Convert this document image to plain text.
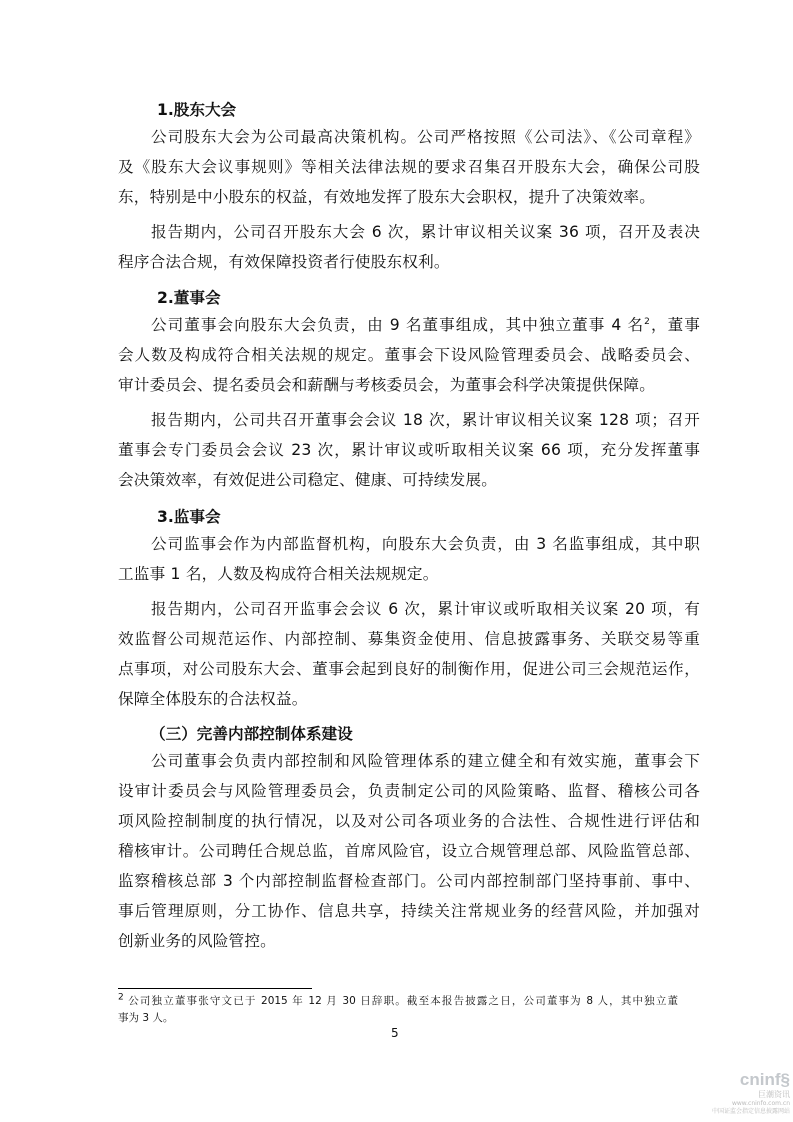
1.股东大会
公司股东大会为公司最高决策机构。公司严格按照《公司法》、《公司章程》
及《股东大会议事规则》等相关法律法规的要求召集召开股东大会，确保公司股
东，特别是中小股东的权益，有效地发挥了股东大会职权，提升了决策效率。
报告期内，公司召开股东大会 6 次，累计审议相关议案 36 项，召开及表决
程序合法合规，有效保障投资者行使股东权利。
2.董事会
公司董事会向股东大会负责，由 9 名董事组成，其中独立董事 4 名$^2$，董事
会人数及构成符合相关法规的规定。董事会下设风险管理委员会、战略委员会、
审计委员会、提名委员会和薪酬与考核委员会，为董事会科学决策提供保障。
报告期内，公司共召开董事会会议 18 次，累计审议相关议案 128 项；召开
董事会专门委员会会议 23 次，累计审议或听取相关议案 66 项，充分发挥董事
会决策效率，有效促进公司稳定、健康、可持续发展。
3.监事会
公司监事会作为内部监督机构，向股东大会负责，由 3 名监事组成，其中职
工监事 1 名，人数及构成符合相关法规规定。
报告期内，公司召开监事会会议 6 次，累计审议或听取相关议案 20 项，有
效监督公司规范运作、内部控制、募集资金使用、信息披露事务、关联交易等重
点事项，对公司股东大会、董事会起到良好的制衡作用，促进公司三会规范运作，
保障全体股东的合法权益。
（三）完善内部控制体系建设
公司董事会负责内部控制和风险管理体系的建立健全和有效实施，董事会下
设审计委员会与风险管理委员会，负责制定公司的风险策略、监督、稽核公司各
项风险控制制度的执行情况，以及对公司各项业务的合法性、合规性进行评估和
稽核审计。公司聘任合规总监，首席风险官，设立合规管理总部、风险监管总部、
监察稽核总部 3 个内部控制监督检查部门。公司内部控制部门坚持事前、事中、
事后管理原则，分工协作、信息共享，持续关注常规业务的经营风险，并加强对
创新业务的风险管控。
$^2$ 公司独立董事张守文已于 2015 年 12 月 30 日辞职。截至本报告披露之日，公司董事为 8 人，其中独立董
事为 3 人。
5
cninf§
巨潮资讯
www.cninfo.com.cn
中国证监会指定信息披露网站
